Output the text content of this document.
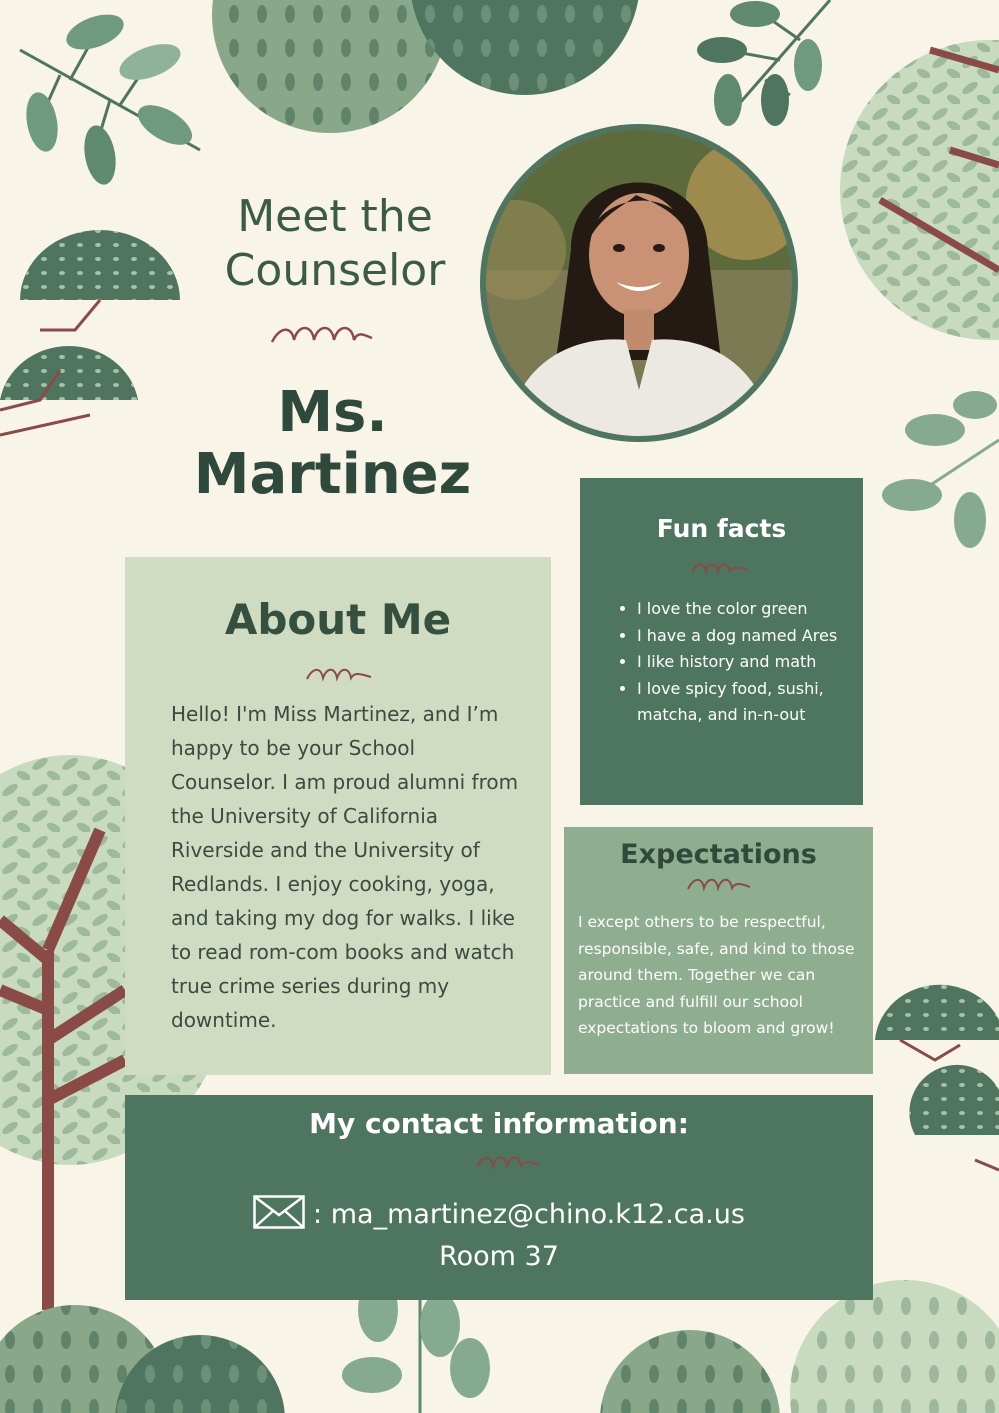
Meet the
Counselor
Ms.
Martinez
About Me

Hello! I'm Miss Martinez, and I’m happy to be your School Counselor. I am proud alumni from the University of California Riverside and the University of Redlands. I enjoy cooking, yoga, and taking my dog for walks. I like to read rom-com books and watch true crime series during my downtime.

Fun facts
• I love the color green
• I have a dog named Ares
• I like history and math
• I love spicy food, sushi, matcha, and in-n-out
Expectations

I except others to be respectful, responsible, safe, and kind to those around them. Together we can practice and fulfill our school expectations to bloom and grow!

My contact information:
: ma_martinez@chino.k12.ca.us
Room 37
